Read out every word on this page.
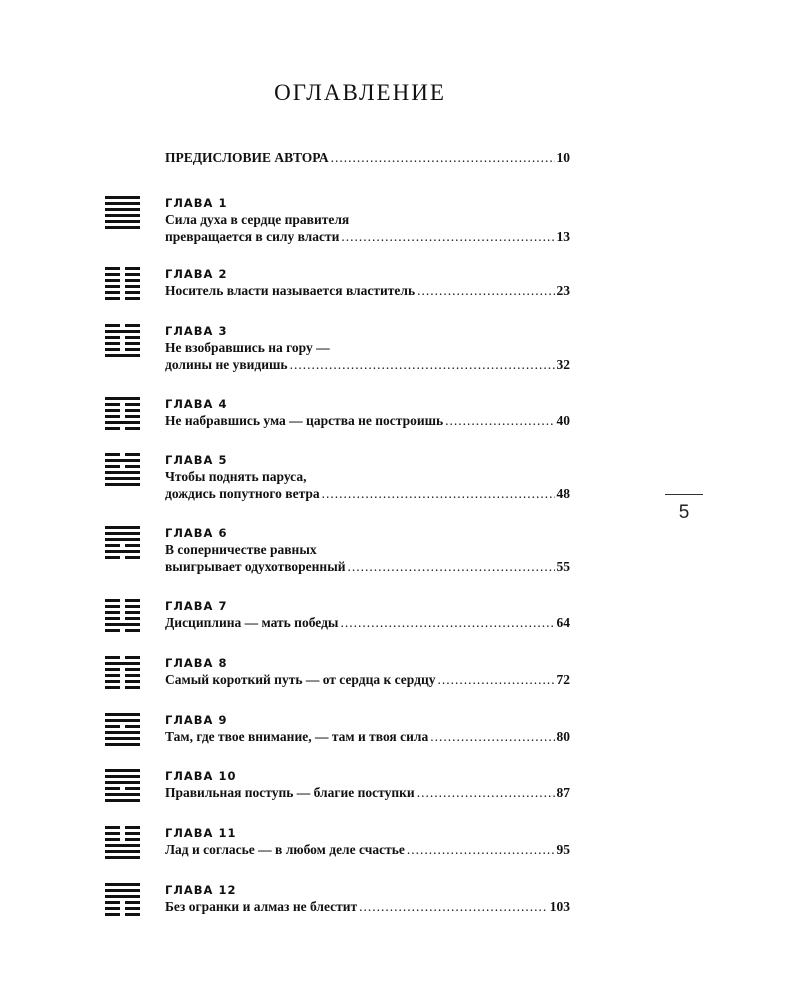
ОГЛАВЛЕНИЕ
ПРЕДИСЛОВИЕ АВТОРА .....	10
ГЛАВА 1
Сила духа в сердце правителя
превращается в силу власти .....	13
ГЛАВА 2
Носитель власти называется властитель .....	23
ГЛАВА 3
Не взобравшись на гору —
долины не увидишь .....	32
ГЛАВА 4
Не набравшись ума — царства не построишь .....	40
ГЛАВА 5
Чтобы поднять паруса,
дождись попутного ветра .....	48
ГЛАВА 6
В соперничестве равных
выигрывает одухотворенный .....	55
ГЛАВА 7
Дисциплина — мать победы .....	64
ГЛАВА 8
Самый короткий путь — от сердца к сердцу .....	72
ГЛАВА 9
Там, где твое внимание, — там и твоя сила .....	80
ГЛАВА 10
Правильная поступь — благие поступки .....	87
ГЛАВА 11
Лад и согласье — в любом деле счастье .....	95
ГЛАВА 12
Без огранки и алмаз не блестит .....	103
5
